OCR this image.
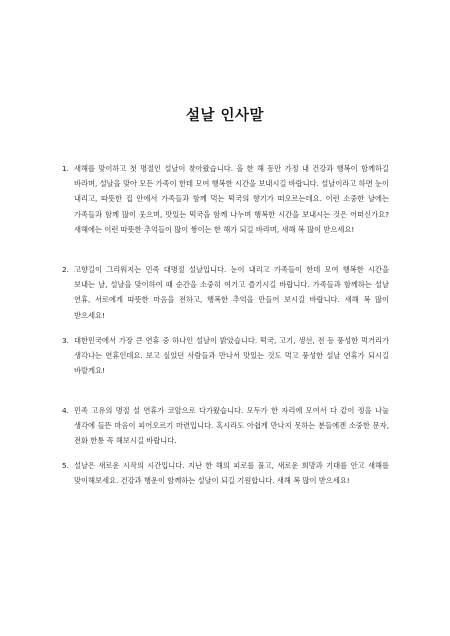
설날 인사말
1. 새해를 맞이하고 첫 명절인 설날이 찾아왔습니다. 올 한 해 동안 가정 내 건강과 행복이 함께하길 바라며, 설날을 맞아 모든 가족이 한데 모여 행복한 시간을 보내시길 바랍니다. 설날이라고 하면 눈이 내리고, 따뜻한 집 안에서 가족들과 함께 먹는 떡국의 향기가 떠오르는데요. 이런 소중한 날에는 가족들과 함께 많이 웃으며, 맛있는 떡국을 함께 나누며 행복한 시간을 보내시는 것은 어떠신가요? 새해에는 이런 따뜻한 추억들이 많이 쌓이는 한 해가 되길 바라며, 새해 복 많이 받으세요!
2. 고향길이 그리워지는 민족 대명절 설날입니다. 눈이 내리고 가족들이 한데 모여 행복한 시간을 보내는 날, 설날을 맞이하여 때 순간을 소중히 여기고 즐기시길 바랍니다. 가족들과 함께하는 설날 연휴, 서로에게 따뜻한 마음을 전하고, 행복한 추억을 만들어 보시길 바랍니다. 새해 복 많이 받으세요!
3. 대한민국에서 가장 큰 연휴 중 하나인 설날이 밝았습니다. 떡국, 고기, 생선, 전 등 풍성한 먹거리가 생각나는 연휴인데요. 보고 싶었던 사람들과 만나서 맛있는 것도 먹고 풍성한 설날 연휴가 되시길 바랄게요!
4. 민족 고유의 명절 설 연휴가 코앞으로 다가왔습니다. 모두가 한 자리에 모여서 다 같이 정을 나눌 생각에 들뜬 마음이 피어오르기 마련입니다. 혹시라도 아쉽게 만나지 못하는 분들에겐 소중한 문자, 전화 한통 꼭 해보시길 바랍니다.
5. 설날은 새로운 시작의 시간입니다. 지난 한 해의 피로를 풀고, 새로운 희망과 기대를 안고 새해를 맞이해보세요. 건강과 행운이 함께하는 설날이 되길 기원합니다. 새해 복 많이 받으세요!
